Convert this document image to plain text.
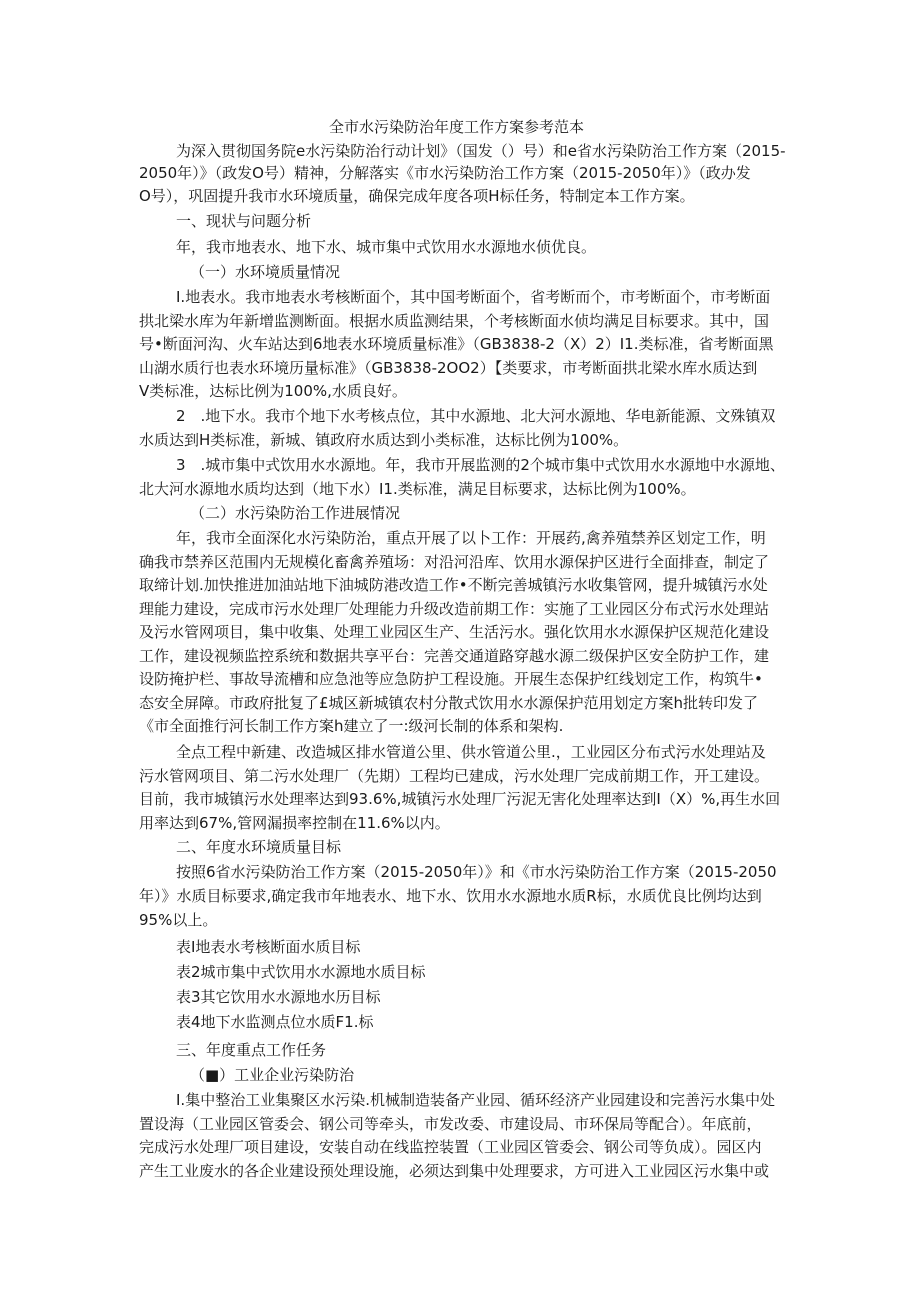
全市水污染防治年度工作方案参考范本
为深入贯彻国务院e水污染防治行动计划》（国发（）号）和e省水污染防治工作方案（2015-
2050年）》（政发O号）精神，分解落实《市水污染防治工作方案（2015-2050年）》（政办发
O号），巩固提升我市水环境质量，确保完成年度各项H标任务，特制定本工作方案。
一、现状与问题分析
年，我市地表水、地下水、城市集中式饮用水水源地水侦优良。
（一）水环境质量情况
I.地表水。我市地表水考核断面个，其中国考断面个，省考断而个，市考断面个，市考断面
拱北梁水库为年新增监测断面。根据水质监测结果，个考核断面水侦均满足目标要求。其中，国
号•断面河沟、火车站达到6地表水环境质量标准》（GB3838-2（X）2）I1.类标准，省考断面黑
山湖水质行也表水环境历量标准》（GB3838-2OO2）【类要求，市考断面拱北梁水库水质达到
V类标准，达标比例为100%,水质良好。
2　.地下水。我市个地下水考核点位，其中水源地、北大河水源地、华电新能源、文殊镇双
水质达到H类标准，新城、镇政府水质达到小类标准，达标比例为100%。
3　.城市集中式饮用水水源地。年，我市开展监测的2个城市集中式饮用水水源地中水源地、
北大河水源地水质均达到（地下水）I1.类标准，满足目标要求，达标比例为100%。
（二）水污染防治工作进展情况
年，我市全面深化水污染防治，重点开展了以卜工作：开展药,禽养殖禁养区划定工作，明
确我市禁养区范围内无规模化畜禽养殖场：对沿河沿库、饮用水源保护区进行全面排查，制定了
取缔计划.加快推进加油站地下油城防港改造工作•不断完善城镇污水收集管网，提升城镇污水处
理能力建设，完成市污水处理厂处理能力升级改造前期工作：实施了工业园区分布式污水处理站
及污水管网项目，集中收集、处理工业园区生产、生活污水。强化饮用水水源保护区规范化建设
工作，建设视频监控系统和数据共享平台：完善交通道路穿越水源二级保护区安全防护工作，建
设防掩护栏、事故导流槽和应急池等应急防护工程设施。开展生态保护红线划定工作，构筑牛•
态安全屏障。市政府批复了£城区新城镇农村分散式饮用水水源保护范用划定方案h批转印发了
《市全面推行河长制工作方案h建立了一:级河长制的体系和架构.
全点工程中新建、改造城区排水管道公里、供水管道公里.，工业园区分布式污水处理站及
污水管网项目、第二污水处理厂（先期）工程均已建成，污水处理厂完成前期工作，开工建设。
目前，我市城镇污水处理率达到93.6%,城镇污水处理厂污泥无害化处理率达到I（X）%,再生水回
用率达到67%,管网漏损率控制在11.6%以内。
二、年度水环境质量目标
按照6省水污染防治工作方案（2015-2050年）》和《市水污染防治工作方案（2015-2050
年）》水质目标要求,确定我市年地表水、地下水、饮用水水源地水质R标，水质优良比例均达到
95%以上。
表I地表水考核断面水质目标
表2城市集中式饮用水水源地水质目标
表3其它饮用水水源地水历目标
表4地下水监测点位水质F1.标
三、年度重点工作任务
（■）工业企业污染防治
I.集中整治工业集聚区水污染.机械制造装备产业园、循环经济产业园建设和完善污水集中处
置设海（工业园区管委会、钢公司等牵头，市发改委、市建设局、市环保局等配合）。年底前，
完成污水处理厂项目建设，安装自动在线监控装置（工业园区管委会、钢公司等负成）。园区内
产生工业废水的各企业建设预处理设施，必须达到集中处理要求，方可进入工业园区污水集中或
